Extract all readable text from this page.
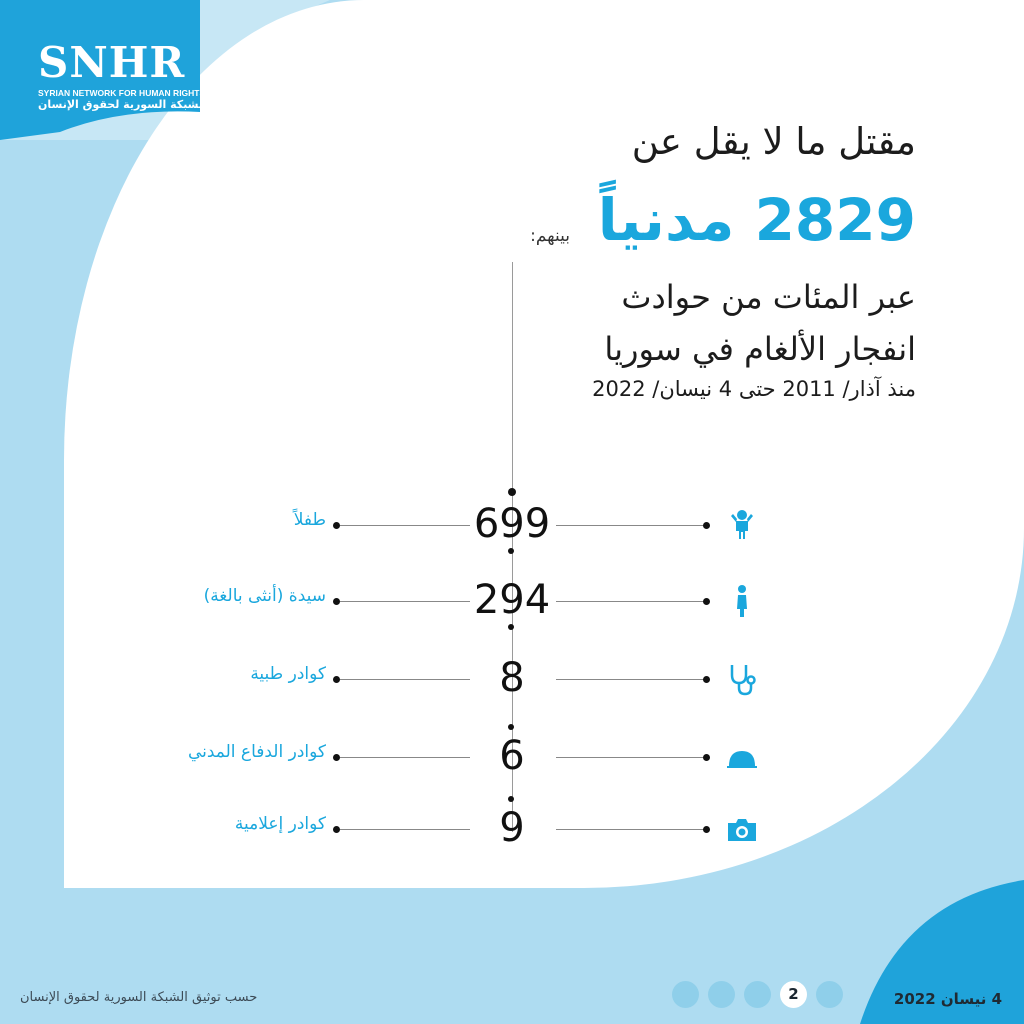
SNHR
SYRIAN NETWORK FOR HUMAN RIGHTS
الشبكة السورية لحقوق الإنسان
مقتل ما لا يقل عن
2829 مدنياً
عبر المئات من حوادث
انفجار الألغام في سوريا
منذ آذار/ 2011 حتى 4 نيسان/ 2022
بينهم:
طفلاً	699
سيدة (أنثى بالغة)	294
كوادر طبية	8
كوادر الدفاع المدني	6
كوادر إعلامية	9
حسب توثيق الشبكة السورية لحقوق الإنسان	2	4 نيسان 2022
